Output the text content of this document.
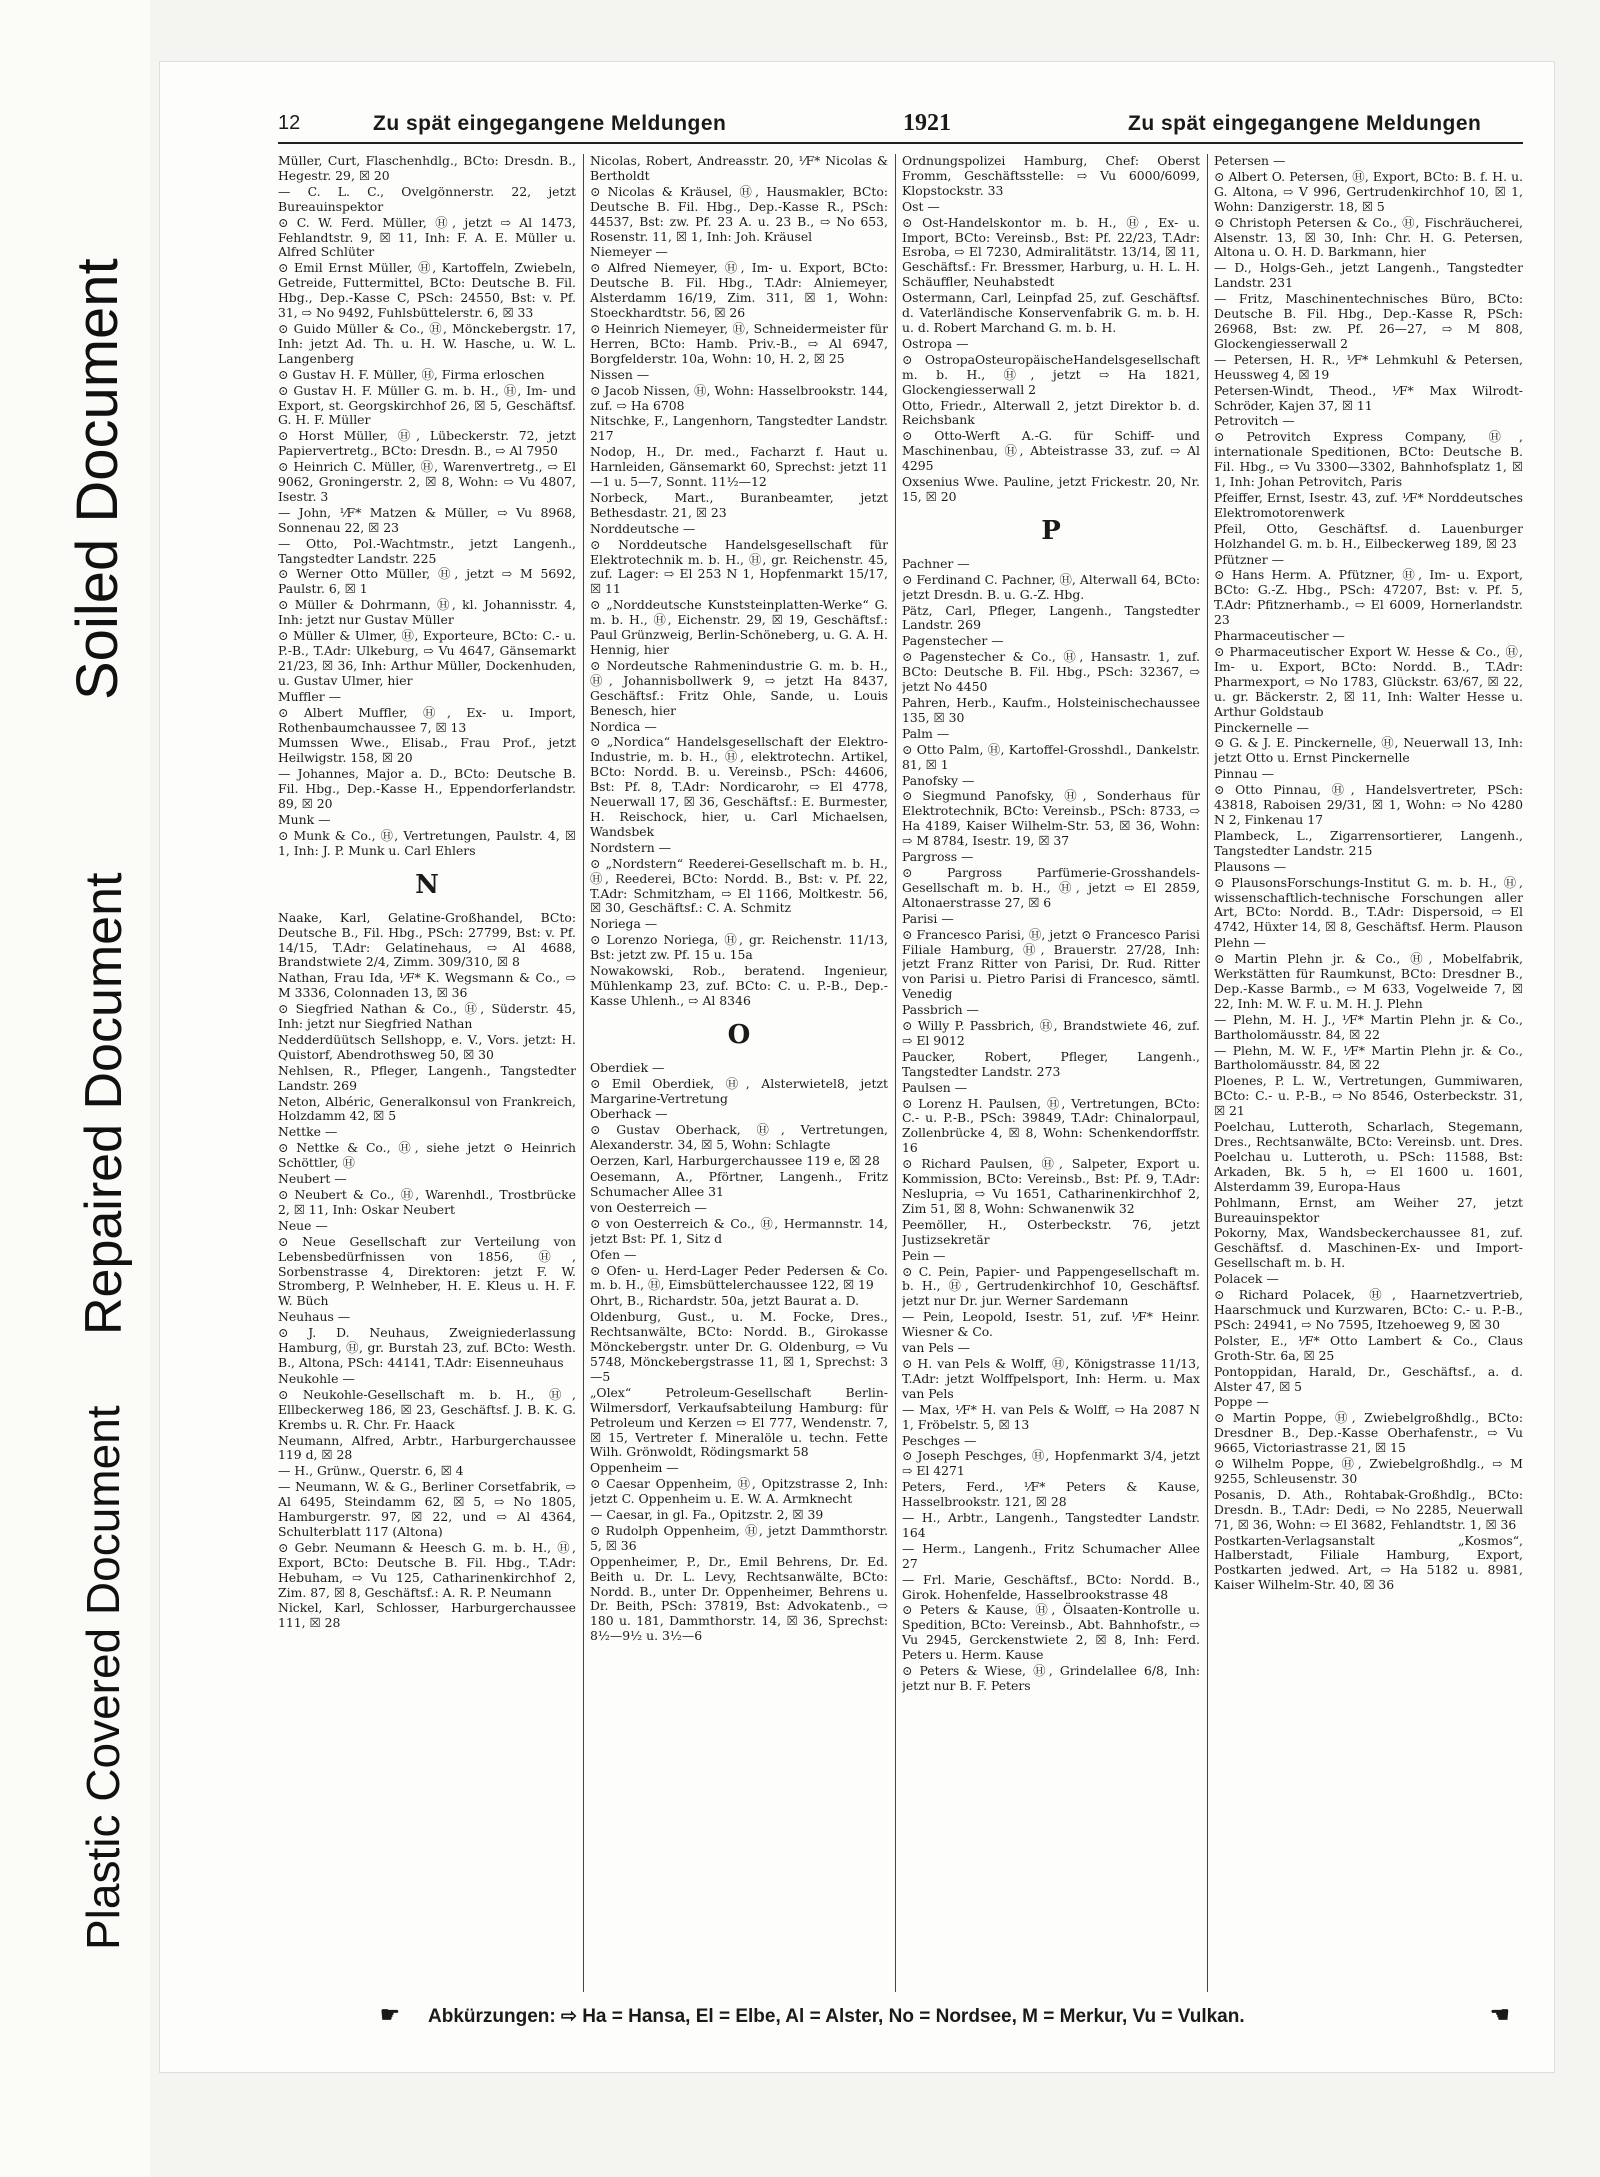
Soiled Document
Repaired Document
Plastic Covered Document
12	Zu spät eingegangene Meldungen	1921	Zu spät eingegangene Meldungen
Müller, Curt, Flaschenhdlg., BCto: Dresdn. B., Hegestr. 29, ☒ 20
— C. L. C., Ovelgönnerstr. 22, jetzt Bureauinspektor
⊙ C. W. Ferd. Müller, Ⓗ, jetzt ⇨ Al 1473, Fehlandtstr. 9, ☒ 11, Inh: F. A. E. Müller u. Alfred Schlüter
⊙ Emil Ernst Müller, Ⓗ, Kartoffeln, Zwiebeln, Getreide, Futtermittel, BCto: Deutsche B. Fil. Hbg., Dep.-Kasse C, PSch: 24550, Bst: v. Pf. 31, ⇨ No 9492, Fuhlsbüttelerstr. 6, ☒ 33
⊙ Guido Müller & Co., Ⓗ, Mönckebergstr. 17, Inh: jetzt Ad. Th. u. H. W. Hasche, u. W. L. Langenberg
⊙ Gustav H. F. Müller, Ⓗ, Firma erloschen
⊙ Gustav H. F. Müller G. m. b. H., Ⓗ, Im- und Export, st. Georgskirchhof 26, ☒ 5, Geschäftsf. G. H. F. Müller
⊙ Horst Müller, Ⓗ, Lübeckerstr. 72, jetzt Papiervertretg., BCto: Dresdn. B., ⇨ Al 7950
⊙ Heinrich C. Müller, Ⓗ, Warenvertretg., ⇨ El 9062, Groningerstr. 2, ☒ 8, Wohn: ⇨ Vu 4807, Isestr. 3
— John, ⅟F* Matzen & Müller, ⇨ Vu 8968, Sonnenau 22, ☒ 23
— Otto, Pol.-Wachtmstr., jetzt Langenh., Tangstedter Landstr. 225
⊙ Werner Otto Müller, Ⓗ, jetzt ⇨ M 5692, Paulstr. 6, ☒ 1
⊙ Müller & Dohrmann, Ⓗ, kl. Johannisstr. 4, Inh: jetzt nur Gustav Müller
⊙ Müller & Ulmer, Ⓗ, Exporteure, BCto: C.- u. P.-B., T.Adr: Ulkeburg, ⇨ Vu 4647, Gänsemarkt 21/23, ☒ 36, Inh: Arthur Müller, Dockenhuden, u. Gustav Ulmer, hier
Muffler —
⊙ Albert Muffler, Ⓗ, Ex- u. Import, Rothenbaumchaussee 7, ☒ 13
Mumssen Wwe., Elisab., Frau Prof., jetzt Heilwigstr. 158, ☒ 20
— Johannes, Major a. D., BCto: Deutsche B. Fil. Hbg., Dep.-Kasse H., Eppendorferlandstr. 89, ☒ 20
Munk —
⊙ Munk & Co., Ⓗ, Vertretungen, Paulstr. 4, ☒ 1, Inh: J. P. Munk u. Carl Ehlers
N
Naake, Karl, Gelatine-Großhandel, BCto: Deutsche B., Fil. Hbg., PSch: 27799, Bst: v. Pf. 14/15, T.Adr: Gelatinehaus, ⇨ Al 4688, Brandstwiete 2/4, Zimm. 309/310, ☒ 8
Nathan, Frau Ida, ⅟F* K. Wegsmann & Co., ⇨ M 3336, Colonnaden 13, ☒ 36
⊙ Siegfried Nathan & Co., Ⓗ, Süderstr. 45, Inh: jetzt nur Siegfried Nathan
Nedderdüütsch Sellshopp, e. V., Vors. jetzt: H. Quistorf, Abendrothsweg 50, ☒ 30
Nehlsen, R., Pfleger, Langenh., Tangstedter Landstr. 269
Neton, Albéric, Generalkonsul von Frankreich, Holzdamm 42, ☒ 5
Nettke —
⊙ Nettke & Co., Ⓗ, siehe jetzt ⊙ Heinrich Schöttler, Ⓗ
Neubert —
⊙ Neubert & Co., Ⓗ, Warenhdl., Trostbrücke 2, ☒ 11, Inh: Oskar Neubert
Neue —
⊙ Neue Gesellschaft zur Verteilung von Lebensbedürfnissen von 1856, Ⓗ, Sorbenstrasse 4, Direktoren: jetzt F. W. Stromberg, P. Welnheber, H. E. Kleus u. H. F. W. Büch
Neuhaus —
⊙ J. D. Neuhaus, Zweigniederlassung Hamburg, Ⓗ, gr. Burstah 23, zuf. BCto: Westh. B., Altona, PSch: 44141, T.Adr: Eisenneuhaus
Neukohle —
⊙ Neukohle-Gesellschaft m. b. H., Ⓗ, Ellbeckerweg 186, ☒ 23, Geschäftsf. J. B. K. G. Krembs u. R. Chr. Fr. Haack
Neumann, Alfred, Arbtr., Harburgerchaussee 119 d, ☒ 28
— H., Grünw., Querstr. 6, ☒ 4
— Neumann, W. & G., Berliner Corsetfabrik, ⇨ Al 6495, Steindamm 62, ☒ 5, ⇨ No 1805, Hamburgerstr. 97, ☒ 22, und ⇨ Al 4364, Schulterblatt 117 (Altona)
⊙ Gebr. Neumann & Heesch G. m. b. H., Ⓗ, Export, BCto: Deutsche B. Fil. Hbg., T.Adr: Hebuham, ⇨ Vu 125, Catharinenkirchhof 2, Zim. 87, ☒ 8, Geschäftsf.: A. R. P. Neumann
Nickel, Karl, Schlosser, Harburgerchaussee 111, ☒ 28
Nicolas, Robert, Andreasstr. 20, ⅟F* Nicolas & Bertholdt
⊙ Nicolas & Kräusel, Ⓗ, Hausmakler, BCto: Deutsche B. Fil. Hbg., Dep.-Kasse R., PSch: 44537, Bst: zw. Pf. 23 A. u. 23 B., ⇨ No 653, Rosenstr. 11, ☒ 1, Inh: Joh. Kräusel
Niemeyer —
⊙ Alfred Niemeyer, Ⓗ, Im- u. Export, BCto: Deutsche B. Fil. Hbg., T.Adr: Alniemeyer, Alsterdamm 16/19, Zim. 311, ☒ 1, Wohn: Stoeckhardtstr. 56, ☒ 26
⊙ Heinrich Niemeyer, Ⓗ, Schneidermeister für Herren, BCto: Hamb. Priv.-B., ⇨ Al 6947, Borgfelderstr. 10a, Wohn: 10, H. 2, ☒ 25
Nissen —
⊙ Jacob Nissen, Ⓗ, Wohn: Hasselbrookstr. 144, zuf. ⇨ Ha 6708
Nitschke, F., Langenhorn, Tangstedter Landstr. 217
Nodop, H., Dr. med., Facharzt f. Haut u. Harnleiden, Gänsemarkt 60, Sprechst: jetzt 11—1 u. 5—7, Sonnt. 11½—12
Norbeck, Mart., Buranbeamter, jetzt Bethesdastr. 21, ☒ 23
Norddeutsche —
⊙ Norddeutsche Handelsgesellschaft für Elektrotechnik m. b. H., Ⓗ, gr. Reichenstr. 45, zuf. Lager: ⇨ El 253 N 1, Hopfenmarkt 15/17, ☒ 11
⊙ „Norddeutsche Kunststeinplatten-Werke“ G. m. b. H., Ⓗ, Eichenstr. 29, ☒ 19, Geschäftsf.: Paul Grünzweig, Berlin-Schöneberg, u. G. A. H. Hennig, hier
⊙ Nordeutsche Rahmenindustrie G. m. b. H., Ⓗ, Johannisbollwerk 9, ⇨ jetzt Ha 8437, Geschäftsf.: Fritz Ohle, Sande, u. Louis Benesch, hier
Nordica —
⊙ „Nordica“ Handelsgesellschaft der Elektro-Industrie, m. b. H., Ⓗ, elektrotechn. Artikel, BCto: Nordd. B. u. Vereinsb., PSch: 44606, Bst: Pf. 8, T.Adr: Nordicarohr, ⇨ El 4778, Neuerwall 17, ☒ 36, Geschäftsf.: E. Burmester, H. Reischock, hier, u. Carl Michaelsen, Wandsbek
Nordstern —
⊙ „Nordstern“ Reederei-Gesellschaft m. b. H., Ⓗ, Reederei, BCto: Nordd. B., Bst: v. Pf. 22, T.Adr: Schmitzham, ⇨ El 1166, Moltkestr. 56, ☒ 30, Geschäftsf.: C. A. Schmitz
Noriega —
⊙ Lorenzo Noriega, Ⓗ, gr. Reichenstr. 11/13, Bst: jetzt zw. Pf. 15 u. 15a
Nowakowski, Rob., beratend. Ingenieur, Mühlenkamp 23, zuf. BCto: C. u. P.-B., Dep.-Kasse Uhlenh., ⇨ Al 8346
O
Oberdiek —
⊙ Emil Oberdiek, Ⓗ, Alsterwietel8, jetzt Margarine-Vertretung
Oberhack —
⊙ Gustav Oberhack, Ⓗ, Vertretungen, Alexanderstr. 34, ☒ 5, Wohn: Schlagte
Oerzen, Karl, Harburgerchaussee 119 e, ☒ 28
Oesemann, A., Pförtner, Langenh., Fritz Schumacher Allee 31
von Oesterreich —
⊙ von Oesterreich & Co., Ⓗ, Hermannstr. 14, jetzt Bst: Pf. 1, Sitz d
Ofen —
⊙ Ofen- u. Herd-Lager Peder Pedersen & Co. m. b. H., Ⓗ, Eimsbüttelerchaussee 122, ☒ 19
Ohrt, B., Richardstr. 50a, jetzt Baurat a. D.
Oldenburg, Gust., u. M. Focke, Dres., Rechtsanwälte, BCto: Nordd. B., Girokasse Mönckebergstr. unter Dr. G. Oldenburg, ⇨ Vu 5748, Mönckebergstrasse 11, ☒ 1, Sprechst: 3—5
„Olex“ Petroleum-Gesellschaft Berlin-Wilmersdorf, Verkaufsabteilung Hamburg: für Petroleum und Kerzen ⇨ El 777, Wendenstr. 7, ☒ 15, Vertreter f. Mineralöle u. techn. Fette Wilh. Grönwoldt, Rödingsmarkt 58
Oppenheim —
⊙ Caesar Oppenheim, Ⓗ, Opitzstrasse 2, Inh: jetzt C. Oppenheim u. E. W. A. Armknecht
— Caesar, in gl. Fa., Opitzstr. 2, ☒ 39
⊙ Rudolph Oppenheim, Ⓗ, jetzt Dammthorstr. 5, ☒ 36
Oppenheimer, P., Dr., Emil Behrens, Dr. Ed. Beith u. Dr. L. Levy, Rechtsanwälte, BCto: Nordd. B., unter Dr. Oppenheimer, Behrens u. Dr. Beith, PSch: 37819, Bst: Advokatenb., ⇨ 180 u. 181, Dammthorstr. 14, ☒ 36, Sprechst: 8½—9½ u. 3½—6
Ordnungspolizei Hamburg, Chef: Oberst Fromm, Geschäftsstelle: ⇨ Vu 6000/6099, Klopstockstr. 33
Ost —
⊙ Ost-Handelskontor m. b. H., Ⓗ, Ex- u. Import, BCto: Vereinsb., Bst: Pf. 22/23, T.Adr: Esroba, ⇨ El 7230, Admiralitätstr. 13/14, ☒ 11, Geschäftsf.: Fr. Bressmer, Harburg, u. H. L. H. Schäuffler, Neuhabstedt
Ostermann, Carl, Leinpfad 25, zuf. Geschäftsf. d. Vaterländische Konservenfabrik G. m. b. H. u. d. Robert Marchand G. m. b. H.
Ostropa —
⊙ OstropaOsteuropäischeHandelsgesellschaft m. b. H., Ⓗ, jetzt ⇨ Ha 1821, Glockengiesserwall 2
Otto, Friedr., Alterwall 2, jetzt Direktor b. d. Reichsbank
⊙ Otto-Werft A.-G. für Schiff- und Maschinenbau, Ⓗ, Abteistrasse 33, zuf. ⇨ Al 4295
Oxsenius Wwe. Pauline, jetzt Frickestr. 20, Nr. 15, ☒ 20
P
Pachner —
⊙ Ferdinand C. Pachner, Ⓗ, Alterwall 64, BCto: jetzt Dresdn. B. u. G.-Z. Hbg.
Pätz, Carl, Pfleger, Langenh., Tangstedter Landstr. 269
Pagenstecher —
⊙ Pagenstecher & Co., Ⓗ, Hansastr. 1, zuf. BCto: Deutsche B. Fil. Hbg., PSch: 32367, ⇨ jetzt No 4450
Pahren, Herb., Kaufm., Holsteinischechaussee 135, ☒ 30
Palm —
⊙ Otto Palm, Ⓗ, Kartoffel-Grosshdl., Dankelstr. 81, ☒ 1
Panofsky —
⊙ Siegmund Panofsky, Ⓗ, Sonderhaus für Elektrotechnik, BCto: Vereinsb., PSch: 8733, ⇨ Ha 4189, Kaiser Wilhelm-Str. 53, ☒ 36, Wohn: ⇨ M 8784, Isestr. 19, ☒ 37
Pargross —
⊙ Pargross Parfümerie-Grosshandels-Gesellschaft m. b. H., Ⓗ, jetzt ⇨ El 2859, Altonaerstrasse 27, ☒ 6
Parisi —
⊙ Francesco Parisi, Ⓗ, jetzt ⊙ Francesco Parisi Filiale Hamburg, Ⓗ, Brauerstr. 27/28, Inh: jetzt Franz Ritter von Parisi, Dr. Rud. Ritter von Parisi u. Pietro Parisi di Francesco, sämtl. Venedig
Passbrich —
⊙ Willy P. Passbrich, Ⓗ, Brandstwiete 46, zuf. ⇨ El 9012
Paucker, Robert, Pfleger, Langenh., Tangstedter Landstr. 273
Paulsen —
⊙ Lorenz H. Paulsen, Ⓗ, Vertretungen, BCto: C.- u. P.-B., PSch: 39849, T.Adr: Chinalorpaul, Zollenbrücke 4, ☒ 8, Wohn: Schenkendorffstr. 16
⊙ Richard Paulsen, Ⓗ, Salpeter, Export u. Kommission, BCto: Vereinsb., Bst: Pf. 9, T.Adr: Neslupria, ⇨ Vu 1651, Catharinenkirchhof 2, Zim 51, ☒ 8, Wohn: Schwanenwik 32
Peemöller, H., Osterbeckstr. 76, jetzt Justizsekretär
Pein —
⊙ C. Pein, Papier- und Pappengesellschaft m. b. H., Ⓗ, Gertrudenkirchhof 10, Geschäftsf. jetzt nur Dr. jur. Werner Sardemann
— Pein, Leopold, Isestr. 51, zuf. ⅟F* Heinr. Wiesner & Co.
van Pels —
⊙ H. van Pels & Wolff, Ⓗ, Königstrasse 11/13, T.Adr: jetzt Wolffpelsport, Inh: Herm. u. Max van Pels
— Max, ⅟F* H. van Pels & Wolff, ⇨ Ha 2087 N 1, Fröbelstr. 5, ☒ 13
Peschges —
⊙ Joseph Peschges, Ⓗ, Hopfenmarkt 3/4, jetzt ⇨ El 4271
Peters, Ferd., ⅟F* Peters & Kause, Hasselbrookstr. 121, ☒ 28
— H., Arbtr., Langenh., Tangstedter Landstr. 164
— Herm., Langenh., Fritz Schumacher Allee 27
— Frl. Marie, Geschäftsf., BCto: Nordd. B., Girok. Hohenfelde, Hasselbrookstrasse 48
⊙ Peters & Kause, Ⓗ, Ölsaaten-Kontrolle u. Spedition, BCto: Vereinsb., Abt. Bahnhofstr., ⇨ Vu 2945, Gerckenstwiete 2, ☒ 8, Inh: Ferd. Peters u. Herm. Kause
⊙ Peters & Wiese, Ⓗ, Grindelallee 6/8, Inh: jetzt nur B. F. Peters
Petersen —
⊙ Albert O. Petersen, Ⓗ, Export, BCto: B. f. H. u. G. Altona, ⇨ V 996, Gertrudenkirchhof 10, ☒ 1, Wohn: Danzigerstr. 18, ☒ 5
⊙ Christoph Petersen & Co., Ⓗ, Fischräucherei, Alsenstr. 13, ☒ 30, Inh: Chr. H. G. Petersen, Altona u. O. H. D. Barkmann, hier
— D., Holgs-Geh., jetzt Langenh., Tangstedter Landstr. 231
— Fritz, Maschinentechnisches Büro, BCto: Deutsche B. Fil. Hbg., Dep.-Kasse R, PSch: 26968, Bst: zw. Pf. 26—27, ⇨ M 808, Glockengiesserwall 2
— Petersen, H. R., ⅟F* Lehmkuhl & Petersen, Heussweg 4, ☒ 19
Petersen-Windt, Theod., ⅟F* Max Wilrodt-Schröder, Kajen 37, ☒ 11
Petrovitch —
⊙ Petrovitch Express Company, Ⓗ, internationale Speditionen, BCto: Deutsche B. Fil. Hbg., ⇨ Vu 3300—3302, Bahnhofsplatz 1, ☒ 1, Inh: Johan Petrovitch, Paris
Pfeiffer, Ernst, Isestr. 43, zuf. ⅟F* Norddeutsches Elektromotorenwerk
Pfeil, Otto, Geschäftsf. d. Lauenburger Holzhandel G. m. b. H., Eilbeckerweg 189, ☒ 23
Pfützner —
⊙ Hans Herm. A. Pfützner, Ⓗ, Im- u. Export, BCto: G.-Z. Hbg., PSch: 47207, Bst: v. Pf. 5, T.Adr: Pfitznerhamb., ⇨ El 6009, Hornerlandstr. 23
Pharmaceutischer —
⊙ Pharmaceutischer Export W. Hesse & Co., Ⓗ, Im- u. Export, BCto: Nordd. B., T.Adr: Pharmexport, ⇨ No 1783, Glückstr. 63/67, ☒ 22, u. gr. Bäckerstr. 2, ☒ 11, Inh: Walter Hesse u. Arthur Goldstaub
Pinckernelle —
⊙ G. & J. E. Pinckernelle, Ⓗ, Neuerwall 13, Inh: jetzt Otto u. Ernst Pinckernelle
Pinnau —
⊙ Otto Pinnau, Ⓗ, Handelsvertreter, PSch: 43818, Raboisen 29/31, ☒ 1, Wohn: ⇨ No 4280 N 2, Finkenau 17
Plambeck, L., Zigarrensortierer, Langenh., Tangstedter Landstr. 215
Plausons —
⊙ PlausonsForschungs-Institut G. m. b. H., Ⓗ, wissenschaftlich-technische Forschungen aller Art, BCto: Nordd. B., T.Adr: Dispersoid, ⇨ El 4742, Hüxter 14, ☒ 8, Geschäftsf. Herm. Plauson
Plehn —
⊙ Martin Plehn jr. & Co., Ⓗ, Mobelfabrik, Werkstätten für Raumkunst, BCto: Dresdner B., Dep.-Kasse Barmb., ⇨ M 633, Vogelweide 7, ☒ 22, Inh: M. W. F. u. M. H. J. Plehn
— Plehn, M. H. J., ⅟F* Martin Plehn jr. & Co., Bartholomäusstr. 84, ☒ 22
— Plehn, M. W. F., ⅟F* Martin Plehn jr. & Co., Bartholomäusstr. 84, ☒ 22
Ploenes, P. L. W., Vertretungen, Gummiwaren, BCto: C.- u. P.-B., ⇨ No 8546, Osterbeckstr. 31, ☒ 21
Poelchau, Lutteroth, Scharlach, Stegemann, Dres., Rechtsanwälte, BCto: Vereinsb. unt. Dres. Poelchau u. Lutteroth, u. PSch: 11588, Bst: Arkaden, Bk. 5 h, ⇨ El 1600 u. 1601, Alsterdamm 39, Europa-Haus
Pohlmann, Ernst, am Weiher 27, jetzt Bureauinspektor
Pokorny, Max, Wandsbeckerchaussee 81, zuf. Geschäftsf. d. Maschinen-Ex- und Import-Gesellschaft m. b. H.
Polacek —
⊙ Richard Polacek, Ⓗ, Haarnetzvertrieb, Haarschmuck und Kurzwaren, BCto: C.- u. P.-B., PSch: 24941, ⇨ No 7595, Itzehoeweg 9, ☒ 30
Polster, E., ⅟F* Otto Lambert & Co., Claus Groth-Str. 6a, ☒ 25
Pontoppidan, Harald, Dr., Geschäftsf., a. d. Alster 47, ☒ 5
Poppe —
⊙ Martin Poppe, Ⓗ, Zwiebelgroßhdlg., BCto: Dresdner B., Dep.-Kasse Oberhafenstr., ⇨ Vu 9665, Victoriastrasse 21, ☒ 15
⊙ Wilhelm Poppe, Ⓗ, Zwiebelgroßhdlg., ⇨ M 9255, Schleusenstr. 30
Posanis, D. Ath., Rohtabak-Großhdlg., BCto: Dresdn. B., T.Adr: Dedi, ⇨ No 2285, Neuerwall 71, ☒ 36, Wohn: ⇨ El 3682, Fehlandtstr. 1, ☒ 36
Postkarten-Verlagsanstalt „Kosmos“, Halberstadt, Filiale Hamburg, Export, Postkarten jedwed. Art, ⇨ Ha 5182 u. 8981, Kaiser Wilhelm-Str. 40, ☒ 36
☛ Abkürzungen: ⇨ Ha = Hansa, El = Elbe, Al = Alster, No = Nordsee, M = Merkur, Vu = Vulkan.	☚
